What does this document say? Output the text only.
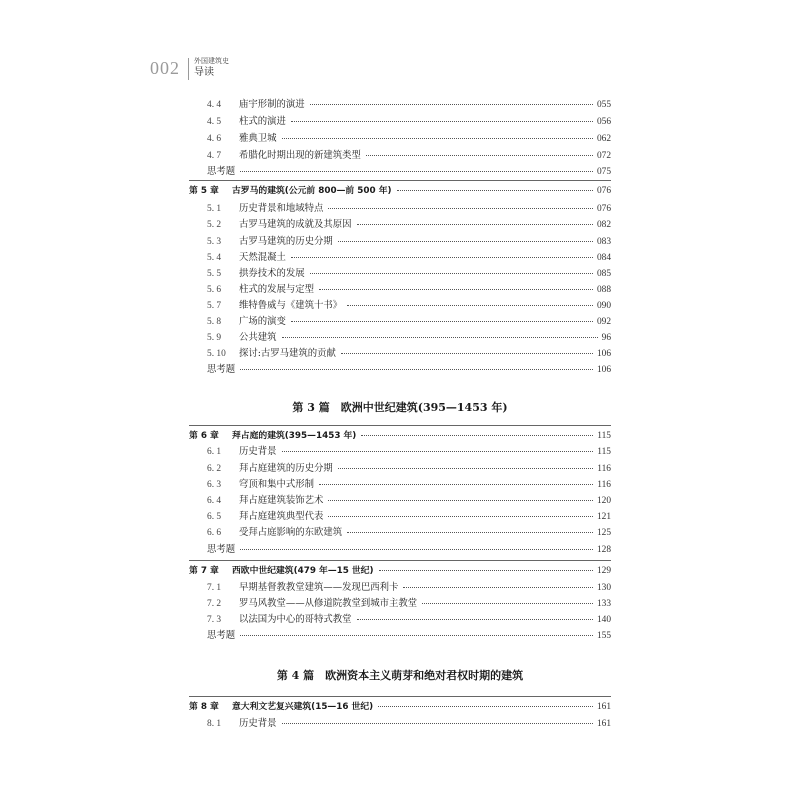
002 外国建筑史
导读
4. 4 庙宇形制的演进	055
4. 5 柱式的演进	056
4. 6 雅典卫城	062
4. 7 希腊化时期出现的新建筑类型	072
思考题	075
第 5 章 古罗马的建筑(公元前 800—前 500 年)	076
5. 1 历史背景和地域特点	076
5. 2 古罗马建筑的成就及其原因	082
5. 3 古罗马建筑的历史分期	083
5. 4 天然混凝土	084
5. 5 拱券技术的发展	085
5. 6 柱式的发展与定型	088
5. 7 维特鲁威与《建筑十书》	090
5. 8 广场的演变	092
5. 9 公共建筑	96
5. 10 探讨:古罗马建筑的贡献	106
思考题	106
第 6 章 拜占庭的建筑(395—1453 年)	115
6. 1 历史背景	115
6. 2 拜占庭建筑的历史分期	116
6. 3 穹顶和集中式形制	116
6. 4 拜占庭建筑装饰艺术	120
6. 5 拜占庭建筑典型代表	121
6. 6 受拜占庭影响的东欧建筑	125
思考题	128
第 7 章 西欧中世纪建筑(479 年—15 世纪)	129
7. 1 早期基督教教堂建筑——发现巴西利卡	130
7. 2 罗马风教堂——从修道院教堂到城市主教堂	133
7. 3 以法国为中心的哥特式教堂	140
思考题	155
第 8 章 意大利文艺复兴建筑(15—16 世纪)	161
8. 1 历史背景	161
第 3 篇　欧洲中世纪建筑(395—1453 年)
第 4 篇　欧洲资本主义萌芽和绝对君权时期的建筑
